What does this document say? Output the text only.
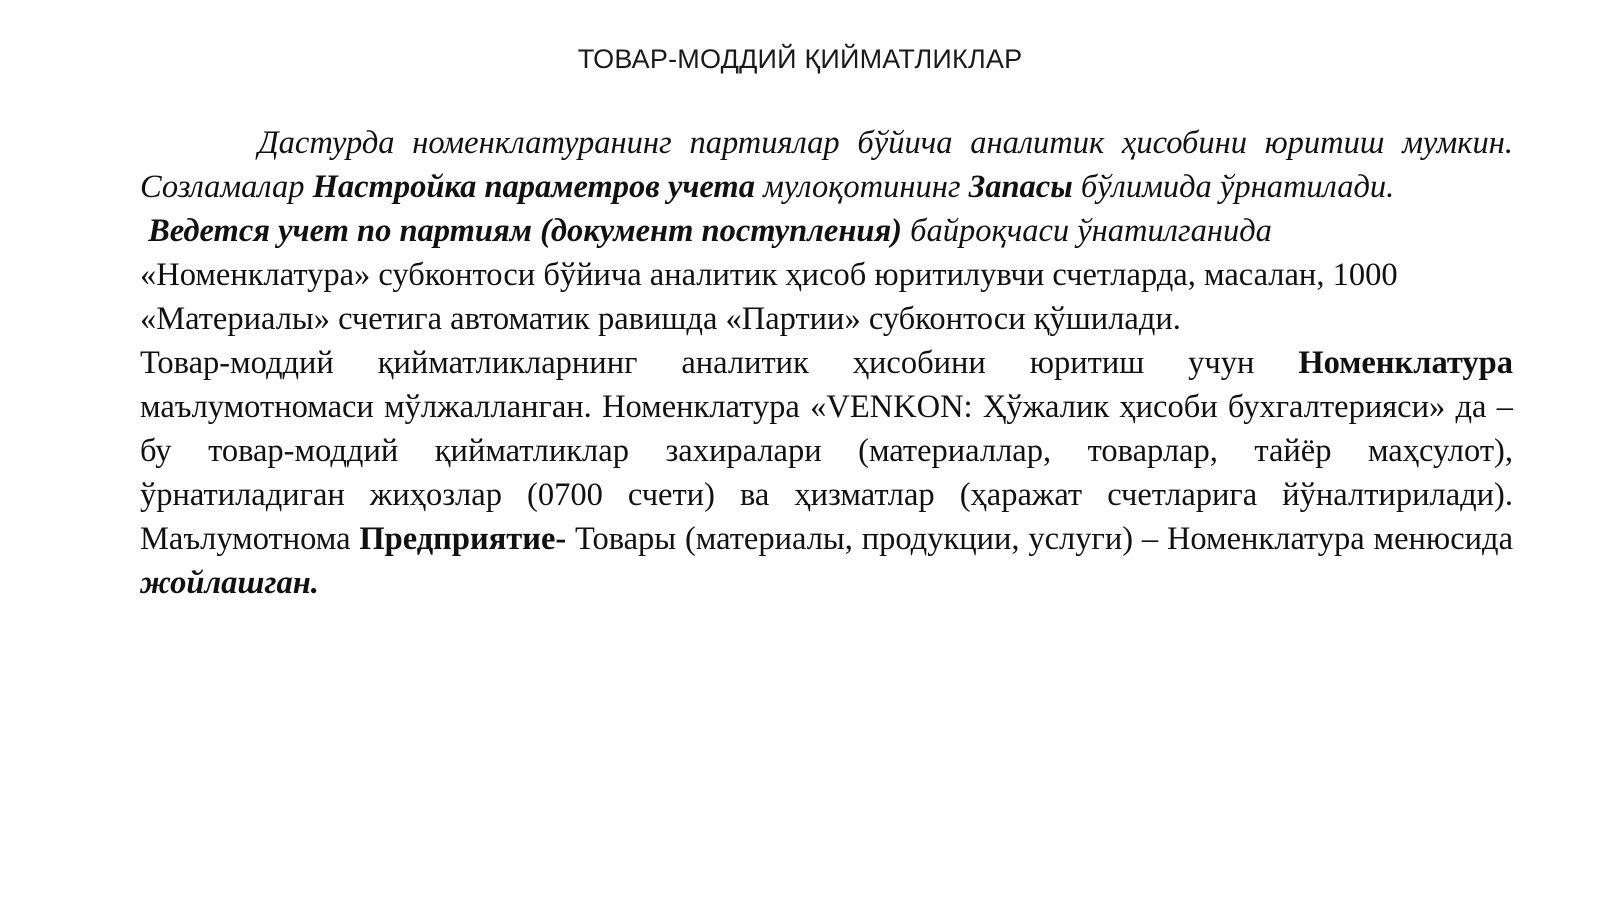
ТОВАР-МОДДИЙ ҚИЙМАТЛИКЛАР

Дастурда номенклатуранинг партиялар бўйича аналитик ҳисобини юритиш мумкин. Созламалар Настройка параметров учета мулоқотининг Запасы бўлимида ўрнатилади.

Ведется учет по партиям (документ поступления) байроқчаси ўнатилганида
«Номенклатура» субконтоси бўйича аналитик ҳисоб юритилувчи счетларда, масалан, 1000 «Материалы» счетига автоматик равишда «Партии» субконтоси қўшилади.

Товар-моддий қийматликларнинг аналитик ҳисобини юритиш учун Номенклатура маълумотномаси мўлжалланган. Номенклатура «VENKON: Ҳўжалик ҳисоби бухгалтерияси» да – бу товар-моддий қийматликлар захиралари (материаллар, товарлар, тайёр маҳсулот), ўрнатиладиган жиҳозлар (0700 счети) ва ҳизматлар (ҳаражат счетларига йўналтирилади). Маълумотнома Предприятие- Товары (материалы, продукции, услуги) – Номенклатура менюсида жойлашган.
